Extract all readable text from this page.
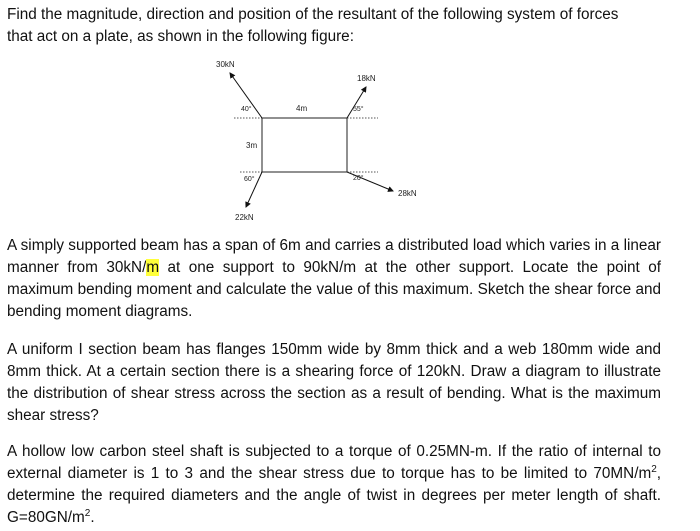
Find the magnitude, direction and position of the resultant of the following system of forces
that act on a plate, as shown in the following figure:

30kN
18kN
28kN
22kN
40°	55°
60°	20°
4m
3m

A simply supported beam has a span of 6m and carries a distributed load which varies in a linear manner from 30kN/m at one support to 90kN/m at the other support. Locate the point of maximum bending moment and calculate the value of this maximum. Sketch the shear force and bending moment diagrams.

A uniform I section beam has flanges 150mm wide by 8mm thick and a web 180mm wide and 8mm thick. At a certain section there is a shearing force of 120kN. Draw a diagram to illustrate the distribution of shear stress across the section as a result of bending. What is the maximum shear stress?

A hollow low carbon steel shaft is subjected to a torque of 0.25MN-m. If the ratio of internal to external diameter is 1 to 3 and the shear stress due to torque has to be limited to $70MN/m^2$, determine the required diameters and the angle of twist in degrees per meter length of shaft. $G=80GN/m^2$.
